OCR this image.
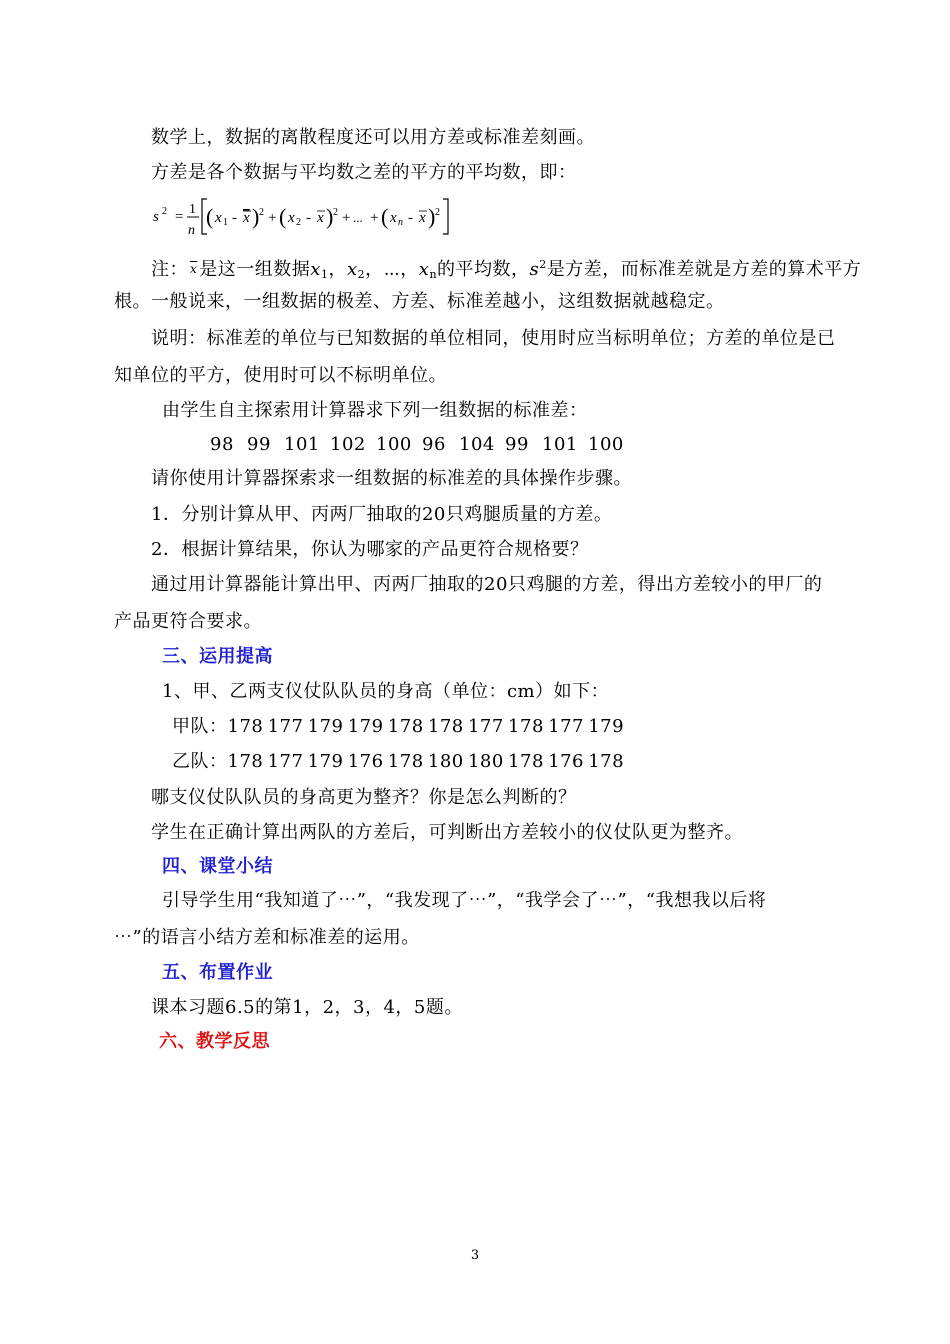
数学上，数据的离散程度还可以用方差或标准差刻画。
方差是各个数据与平均数之差的平方的平均数，即：
s 2 = 1
n
( x 1 - x ) 2 + ( x 2 - x ) 2 + ... + ( x n - x ) 2
注： $\overline{x}$ 是这一组数据$x_1$，$x_2$，⋯，$x_n$的平均数，$s^2$是方差，而标准差就是方差的算术平方
根。一般说来，一组数据的极差、方差、标准差越小，这组数据就越稳定。
说明：标准差的单位与已知数据的单位相同，使用时应当标明单位；方差的单位是已
知单位的平方，使用时可以不标明单位。
由学生自主探索用计算器求下列一组数据的标准差：
98 99 101 102 100 96 104 99 101 100
请你使用计算器探索求一组数据的标准差的具体操作步骤。
1．分别计算从甲、丙两厂抽取的20只鸡腿质量的方差。
2．根据计算结果，你认为哪家的产品更符合规格要？
通过用计算器能计算出甲、丙两厂抽取的20只鸡腿的方差，得出方差较小的甲厂的
产品更符合要求。
三、运用提高
1、甲、乙两支仪仗队队员的身高（单位：cm）如下：
甲队：178 177 179 179 178 178 177 178 177 179
乙队：178 177 179 176 178 180 180 178 176 178
哪支仪仗队队员的身高更为整齐？你是怎么判断的？
学生在正确计算出两队的方差后，可判断出方差较小的仪仗队更为整齐。
四、课堂小结
引导学生用“我知道了⋯”，“我发现了⋯”，“我学会了⋯”，“我想我以后将
⋯”的语言小结方差和标准差的运用。
五、布置作业
课本习题6.5的第1，2，3，4，5题。
六、教学反思
3
